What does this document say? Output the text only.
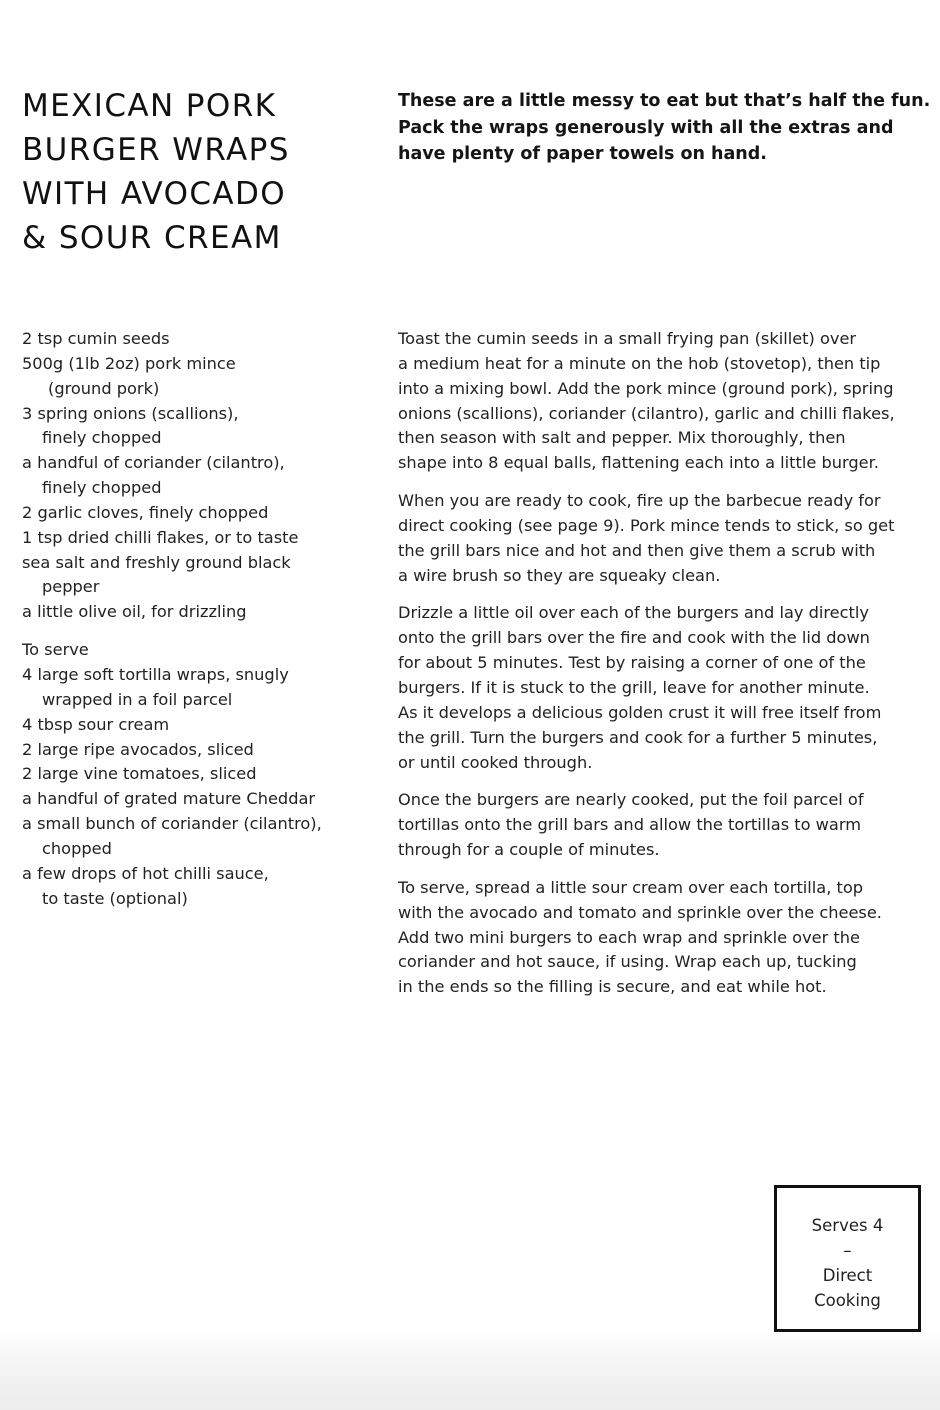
MEXICAN PORK
BURGER WRAPS
WITH AVOCADO
& SOUR CREAM
These are a little messy to eat but that’s half the fun.
Pack the wraps generously with all the extras and
have plenty of paper towels on hand.
2 tsp cumin seeds
500g (1lb 2oz) pork mince
(ground pork)
3 spring onions (scallions),
finely chopped
a handful of coriander (cilantro),
finely chopped
2 garlic cloves, finely chopped
1 tsp dried chilli flakes, or to taste
sea salt and freshly ground black
pepper
a little olive oil, for drizzling
To serve
4 large soft tortilla wraps, snugly
wrapped in a foil parcel
4 tbsp sour cream
2 large ripe avocados, sliced
2 large vine tomatoes, sliced
a handful of grated mature Cheddar
a small bunch of coriander (cilantro),
chopped
a few drops of hot chilli sauce,
to taste (optional)
Toast the cumin seeds in a small frying pan (skillet) over
a medium heat for a minute on the hob (stovetop), then tip
into a mixing bowl. Add the pork mince (ground pork), spring
onions (scallions), coriander (cilantro), garlic and chilli flakes,
then season with salt and pepper. Mix thoroughly, then
shape into 8 equal balls, flattening each into a little burger.
When you are ready to cook, fire up the barbecue ready for
direct cooking (see page 9). Pork mince tends to stick, so get
the grill bars nice and hot and then give them a scrub with
a wire brush so they are squeaky clean.
Drizzle a little oil over each of the burgers and lay directly
onto the grill bars over the fire and cook with the lid down
for about 5 minutes. Test by raising a corner of one of the
burgers. If it is stuck to the grill, leave for another minute.
As it develops a delicious golden crust it will free itself from
the grill. Turn the burgers and cook for a further 5 minutes,
or until cooked through.
Once the burgers are nearly cooked, put the foil parcel of
tortillas onto the grill bars and allow the tortillas to warm
through for a couple of minutes.
To serve, spread a little sour cream over each tortilla, top
with the avocado and tomato and sprinkle over the cheese.
Add two mini burgers to each wrap and sprinkle over the
coriander and hot sauce, if using. Wrap each up, tucking
in the ends so the filling is secure, and eat while hot.
Serves 4
–
Direct
Cooking
